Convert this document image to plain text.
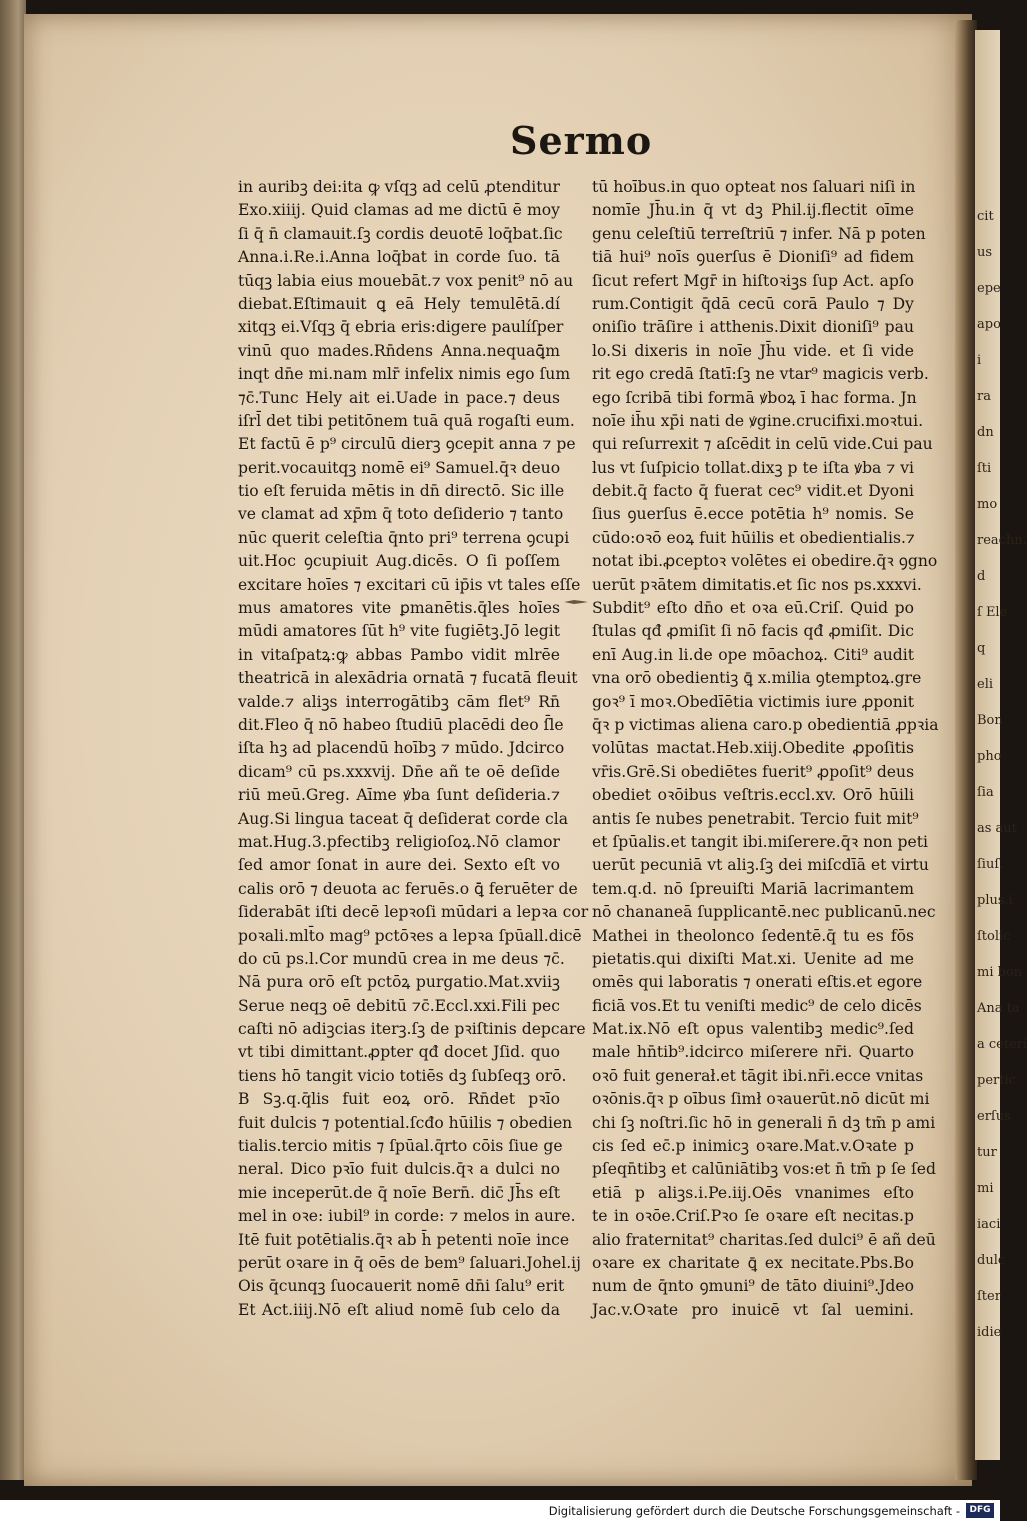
cit
us
epe
apo
i
ra
dn
ſti
mo
reachn.
d
ſ Ele
q
eli
Bon
pho
ſia
as aut
ſiuſ.
plus.i
ſtolic
mi bon
Ana ta
a ceteri
pertic
erſus
tur
mi
iaci
dulc
ſter
idie
Sermo
in auribꝫ dei:ita ꝙ vſqꝫ ad celū ꝓtenditur
Exo.xiiij. Quid clamas ad me dictū ē moy
ſi q̄ n̄ clamauit.ſꝫ cordis deuotē loq̄bat.ſic
Anna.i.Re.i.Anna loq̄bat in corde ſuo. tā
tūqꝫ labia eius mouebāt.⁊ vox penit⁹ nō au
diebat.Eſtimauit ꝗ eā Hely temulētā.dí
xitqꝫ ei.Vſqꝫ q̄ ebria eris:digere paulíſper
vinū quo mades.Rn̄dens Anna.nequaꝗ̄m
inqt dn̄e mi.nam mlr̄ infelix nimis ego ſum
⁊c̄.Tunc Hely ait ei.Uade in pace.⁊ deus
iſrl̄ det tibi petitōnem tuā quā rogaſti eum.
Et factū ē p⁹ circulū dierꝫ ꝯcepit anna ⁊ pe
perit.vocauitqꝫ nomē ei⁹ Samuel.q̄ꝛ deuo
tio eſt feruida mētis in dn̄ directō. Sic ille
ve clamat ad xp̄m q̄ toto deſiderio ⁊ tanto
nūc querit celeſtia q̄nto pri⁹ terrena ꝯcupi
uit.Hoc ꝯcupiuit Aug.dicēs. O ſi poſſem
excitare hoīes ⁊ excitari cū ip̄is vt tales eſſe
mus amatores vite ꝑmanētis.q̄les hoīes
mūdi amatores ſūt h⁹ vite fugiētꝫ.Jō legit
in vitaſpatꝝ:ꝙ abbas Pambo vidit mlrēe
theatricā in alexādria ornatā ⁊ fucatā fleuit
valde.⁊ aliꝫs interrogātibꝫ cām flet⁹ Rn̄
dit.Fleo q̄ nō habeo ſtudiū placēdi deo ſ̄le
iſta hꝫ ad placendū hoībꝫ ⁊ mūdo. Jdcirco
dicam⁹ cū ps.xxxvij. Dn̄e añ te oē deſide
riū meū.Greg. Aīme ꝟba ſunt deſideria.⁊
Aug.Si lingua taceat q̄ deſiderat corde cla
mat.Hug.3.pfectibꝫ religioſoꝝ.Nō clamor
ſed amor ſonat in aure dei. Sexto eſt vo
calis orō ⁊ deuota ac feruēs.o ꝗ̄ feruēter de
ſiderabāt iſti decē lepꝛoſi mūdari a lepꝛa cor
poꝛali.mlt̄o mag⁹ pctōꝛes a lepꝛa ſpūall.dicē
do cū ps.l.Cor mundū crea in me deus ⁊c̄.
Nā pura orō eſt pctōꝝ purgatio.Mat.xviiꝫ
Serue neqꝫ oē debitū ⁊c̄.Eccl.xxi.Fili pec
caſti nō adiꝫcias iterꝫ.ſꝫ de pꝛiſtinis depcare
vt tibi dimittant.ꝓpter qđ docet Jſid. quo
tiens hō tangit vicio totiēs dꝫ ſubſeqꝫ orō.
B Sꝫ.q.q̄lis fuit eoꝝ orō. Rn̄det pꝛīo
fuit dulcis ⁊ potential.ſcđo hūilis ⁊ obedien
tialis.tercio mitis ⁊ ſpūal.q̄rto cōis ſiue ge
neral. Dico pꝛīo fuit dulcis.q̄ꝛ a dulci no
mie inceperūt.de q̄ noīe Bern̄. dic̄ Jh̄s eſt
mel in oꝛe: iubil⁹ in corde: ⁊ melos in aure.
Itē fuit potētialis.q̄ꝛ ab h̄ petenti noīe ince
perūt oꝛare in q̄ oēs de bem⁹ ſaluari.Johel.ij
Ois q̄cunqꝫ ſuocauerit nomē dn̄i ſalu⁹ erit
Et Act.iiij.Nō eſt aliud nomē ſub celo da
tū hoībus.in quo opteat nos ſaluari niſi in
nomīe Jh̄u.in q̄ vt dꝫ Phil.ij.flectit oīme
genu celeſtiū terreſtriū ⁊ infer. Nā p poten
tiā hui⁹ noīs ꝯuerſus ē Dioniſi⁹ ad fidem
ſicut refert Mgr̄ in hiſtoꝛiꝫs ſup Act. apſo
rum.Contigit q̄dā cecū corā Paulo ⁊ Dy
oniſio trāſire i atthenis.Dixit dioniſi⁹ pau
lo.Si dixeris in noīe Jh̄u vide. et ſi vide
rit ego credā ſtatī:ſꝫ ne vtar⁹ magicis verb.
ego ſcribā tibi formā ꝟboꝝ ī hac forma. Jn
noīe ih̄u xp̄i nati de ꝟgine.crucifixi.moꝛtui.
qui reſurrexit ⁊ aſcēdit in celū vide.Cui pau
lus vt ſuſpicio tollat.dixꝫ p te iſta ꝟba ⁊ vi
debit.q̄ facto q̄ fuerat cec⁹ vidit.et Dyoni
ſius ꝯuerſus ē.ecce potētia h⁹ nomis. Se
cūdo:oꝛō eoꝝ fuit hūilis et obedientialis.⁊
notat ibi.ꝓceptoꝛ volētes ei obedire.q̄ꝛ ꝯgno
uerūt pꝛātem dimitatis.et ſic nos ps.xxxvi.
Subdit⁹ eſto dn̄o et oꝛa eū.Criſ. Quid po
ſtulas qđ ꝓmiſit ſi nō facis qđ ꝓmiſit. Dic
enī Aug.in li.de ope mōachoꝝ. Citi⁹ audit
vna orō obedientiꝫ ꝗ̄ x.milia ꝯtemptoꝝ.gre
goꝛ⁹ ī moꝛ.Obedīētia victimis iure ꝓponit
q̄ꝛ p victimas aliena caro.p obedientiā ꝓpꝛia
volūtas mactat.Heb.xiij.Obedite ꝓpoſitis
vr̄is.Grē.Si obediētes fuerit⁹ ꝓpoſit⁹ deus
obediet oꝛōibus veſtris.eccl.xv. Orō hūili
antis ſe nubes penetrabit. Tercio fuit mit⁹
et ſpūalis.et tangit ibi.miſerere.q̄ꝛ non peti
uerūt pecuniā vt aliꝫ.ſꝫ dei miſcdīā et virtu
tem.q.d. nō ſpreuiſti Mariā lacrimantem
nō chananeā ſupplicantē.nec publicanū.nec
Mathei in theolonco ſedentē.q̄ tu es fōs
pietatis.qui dixiſti Mat.xi. Uenite ad me
omēs qui laboratis ⁊ onerati eſtis.et egore
ficiā vos.Et tu veniſti medic⁹ de celo dicēs
Mat.ix.Nō eſt opus valentibꝫ medic⁹.ſed
male hn̄tib⁹.idcirco miſerere nr̄i. Quarto
oꝛō fuit generał.et tāgit ibi.nr̄i.ecce vnitas
oꝛōnis.q̄ꝛ p oībus ſimł oꝛauerūt.nō dicūt mi
chi ſꝫ noſtri.ſic hō in generali n̄ dꝫ tm̄ p ami
cis ſed ec̄.p inimicꝫ oꝛare.Mat.v.Oꝛate p
pſeqn̄tibꝫ et calūniātibꝫ vos:et n̄ tm̄ p ſe ſed
etiā p aliꝫs.i.Pe.iij.Oēs vnanimes eſto
te in oꝛōe.Criſ.Pꝛo ſe oꝛare eſt necitas.p
alio fraternitat⁹ charitas.ſed dulci⁹ ē añ deū
oꝛare ex charitate ꝗ̄ ex necitate.Pbs.Bo
num de q̄nto ꝯmuni⁹ de tāto diuini⁹.Jdeo
Jac.v.Oꝛate pro inuicē vt ſal uemini.
Digitalisierung gefördert durch die Deutsche Forschungsgemeinschaft -	DFG
